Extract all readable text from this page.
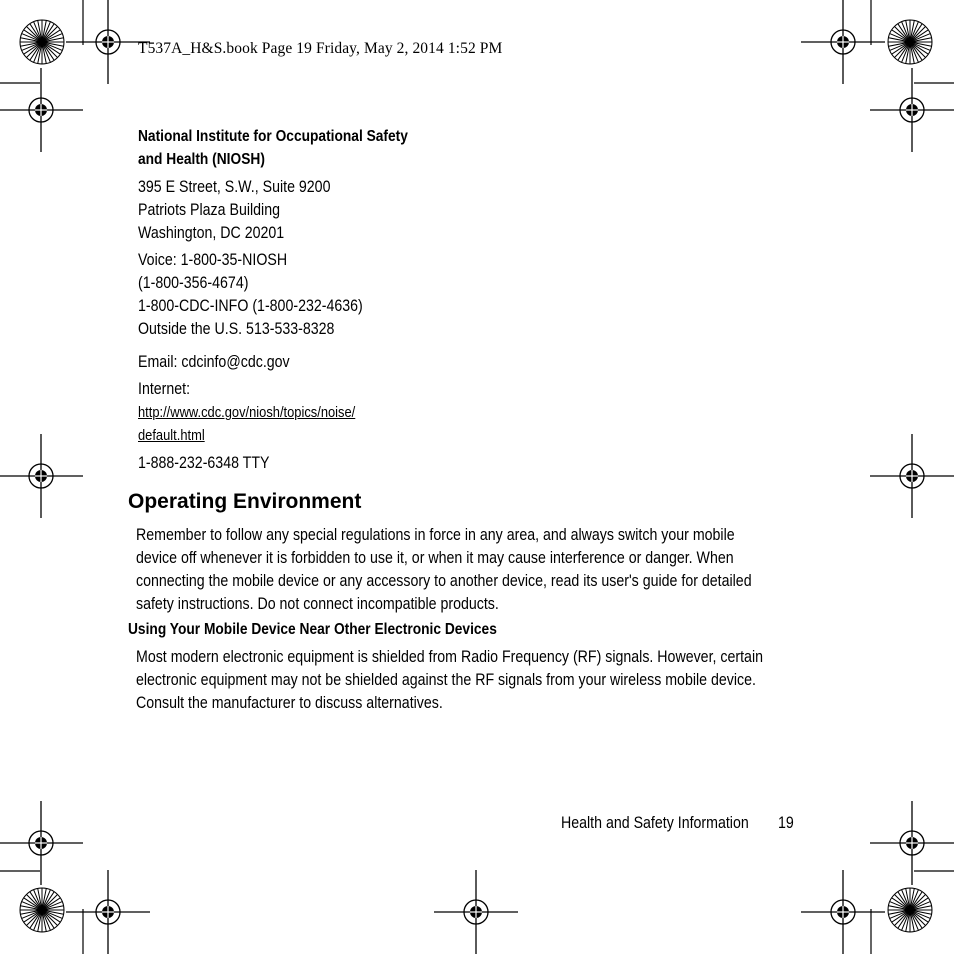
T537A_H&S.book Page 19 Friday, May 2, 2014 1:52 PM
National Institute for Occupational Safety
and Health (NIOSH)
395 E Street, S.W., Suite 9200
Patriots Plaza Building
Washington, DC 20201
Voice: 1-800-35-NIOSH
(1-800-356-4674)
1-800-CDC-INFO (1-800-232-4636)
Outside the U.S. 513-533-8328
Email: cdcinfo@cdc.gov
Internet:
http://www.cdc.gov/niosh/topics/noise/
default.html
1-888-232-6348 TTY
Operating Environment
Remember to follow any special regulations in force in any area, and always switch your mobile
device off whenever it is forbidden to use it, or when it may cause interference or danger. When
connecting the mobile device or any accessory to another device, read its user's guide for detailed
safety instructions. Do not connect incompatible products.
Using Your Mobile Device Near Other Electronic Devices
Most modern electronic equipment is shielded from Radio Frequency (RF) signals. However, certain
electronic equipment may not be shielded against the RF signals from your wireless mobile device.
Consult the manufacturer to discuss alternatives.
Health and Safety Information 19
